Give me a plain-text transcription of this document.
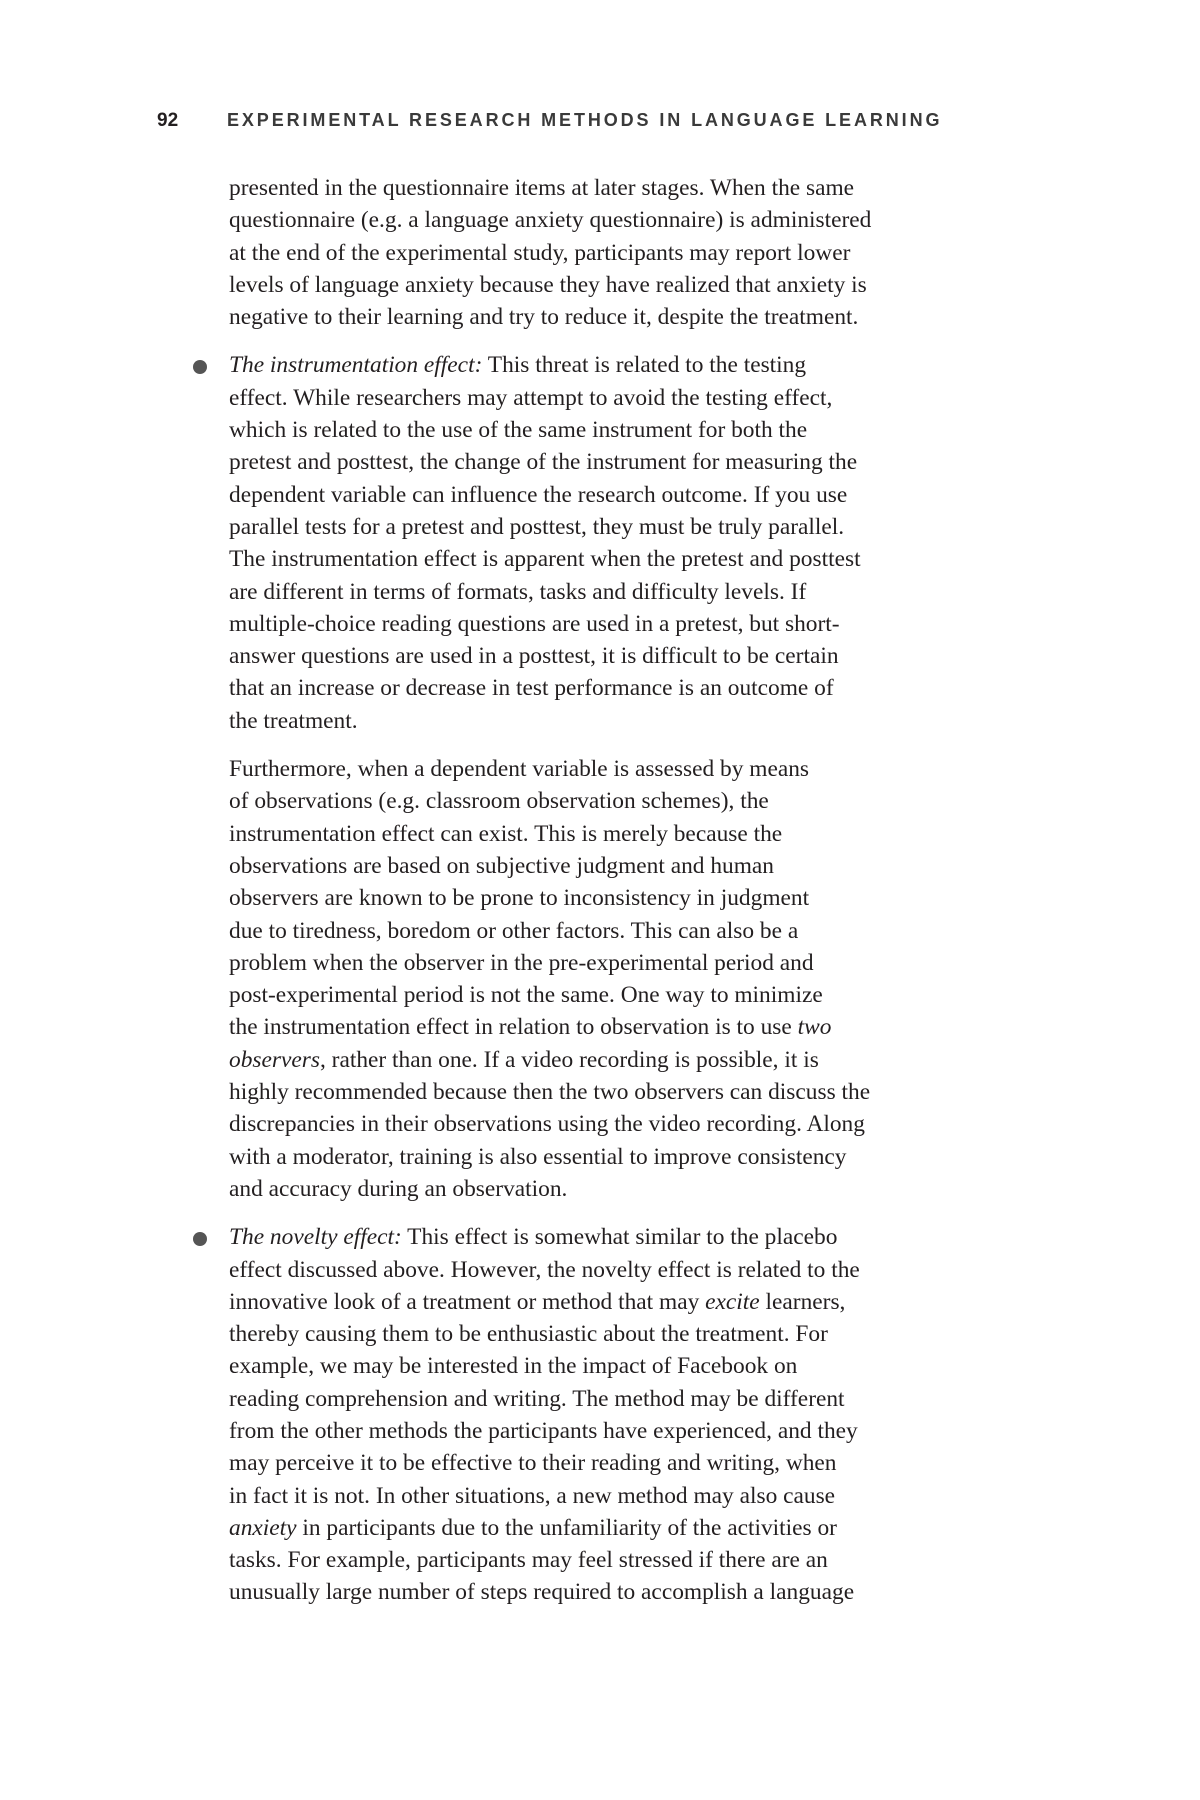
92	EXPERIMENTAL RESEARCH METHODS IN LANGUAGE LEARNING
presented in the questionnaire items at later stages. When the same
questionnaire (e.g. a language anxiety questionnaire) is administered
at the end of the experimental study, participants may report lower
levels of language anxiety because they have realized that anxiety is
negative to their learning and try to reduce it, despite the treatment.
The instrumentation effect: This threat is related to the testing
effect. While researchers may attempt to avoid the testing effect,
which is related to the use of the same instrument for both the
pretest and posttest, the change of the instrument for measuring the
dependent variable can influence the research outcome. If you use
parallel tests for a pretest and posttest, they must be truly parallel.
The instrumentation effect is apparent when the pretest and posttest
are different in terms of formats, tasks and difficulty levels. If
multiple-choice reading questions are used in a pretest, but short-
answer questions are used in a posttest, it is difficult to be certain
that an increase or decrease in test performance is an outcome of
the treatment.
Furthermore, when a dependent variable is assessed by means
of observations (e.g. classroom observation schemes), the
instrumentation effect can exist. This is merely because the
observations are based on subjective judgment and human
observers are known to be prone to inconsistency in judgment
due to tiredness, boredom or other factors. This can also be a
problem when the observer in the pre-experimental period and
post-experimental period is not the same. One way to minimize
the instrumentation effect in relation to observation is to use two
observers, rather than one. If a video recording is possible, it is
highly recommended because then the two observers can discuss the
discrepancies in their observations using the video recording. Along
with a moderator, training is also essential to improve consistency
and accuracy during an observation.
The novelty effect: This effect is somewhat similar to the placebo
effect discussed above. However, the novelty effect is related to the
innovative look of a treatment or method that may excite learners,
thereby causing them to be enthusiastic about the treatment. For
example, we may be interested in the impact of Facebook on
reading comprehension and writing. The method may be different
from the other methods the participants have experienced, and they
may perceive it to be effective to their reading and writing, when
in fact it is not. In other situations, a new method may also cause
anxiety in participants due to the unfamiliarity of the activities or
tasks. For example, participants may feel stressed if there are an
unusually large number of steps required to accomplish a language
